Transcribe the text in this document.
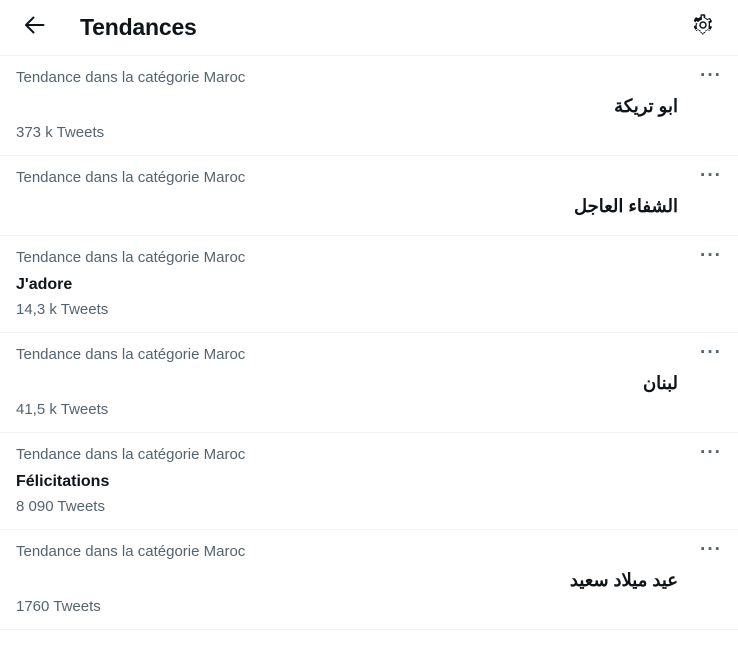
Tendances
Tendance dans la catégorie Maroc
ابو تريكة
373 k Tweets
···
Tendance dans la catégorie Maroc
الشفاء العاجل
···
Tendance dans la catégorie Maroc
J'adore
14,3 k Tweets
···
Tendance dans la catégorie Maroc
لبنان
41,5 k Tweets
···
Tendance dans la catégorie Maroc
Félicitations
8 090 Tweets
···
Tendance dans la catégorie Maroc
عيد ميلاد سعيد
1760 Tweets
···
